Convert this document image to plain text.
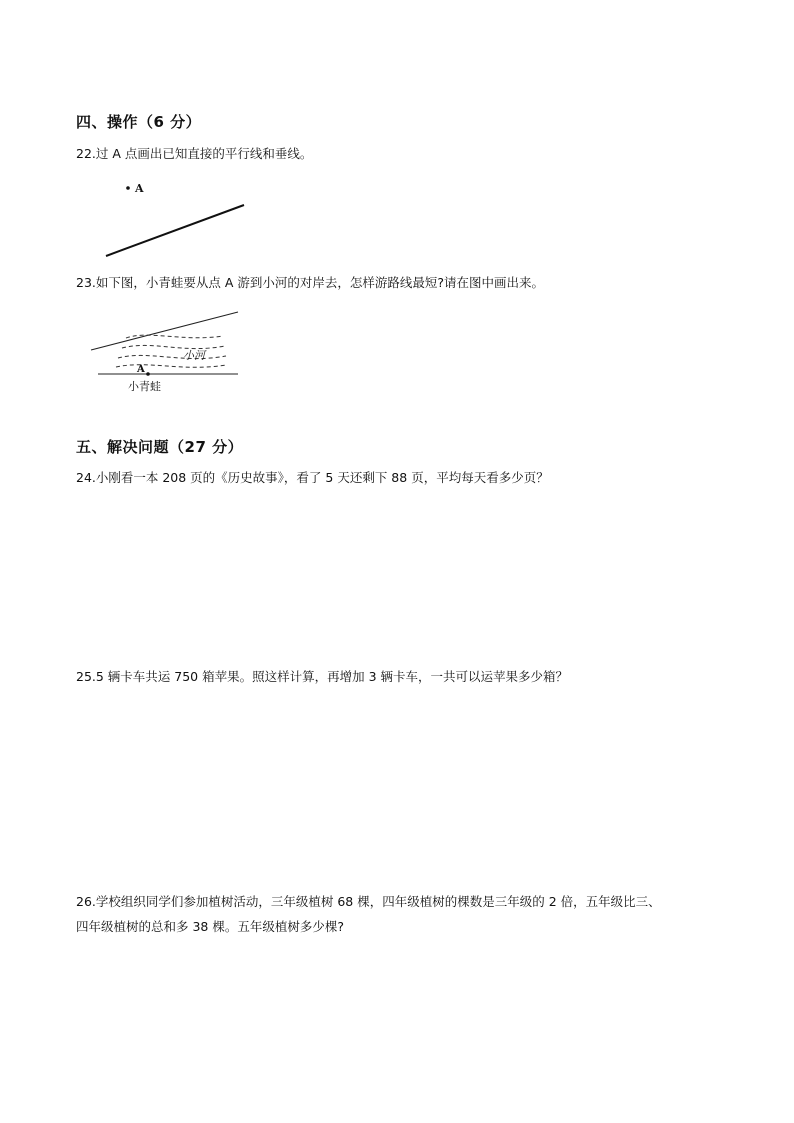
四、操作（6 分）
22.过 A 点画出已知直接的平行线和垂线。
A
23.如下图，小青蛙要从点 A 游到小河的对岸去，怎样游路线最短?请在图中画出来。
小河
A
小青蛙
五、解决问题（27 分）
24.小刚看一本 208 页的《历史故事》，看了 5 天还剩下 88 页，平均每天看多少页？
25.5 辆卡车共运 750 箱苹果。照这样计算，再增加 3 辆卡车，一共可以运苹果多少箱？
26.学校组织同学们参加植树活动，三年级植树 68 棵，四年级植树的棵数是三年级的 2 倍，五年级比三、
四年级植树的总和多 38 棵。五年级植树多少棵?
